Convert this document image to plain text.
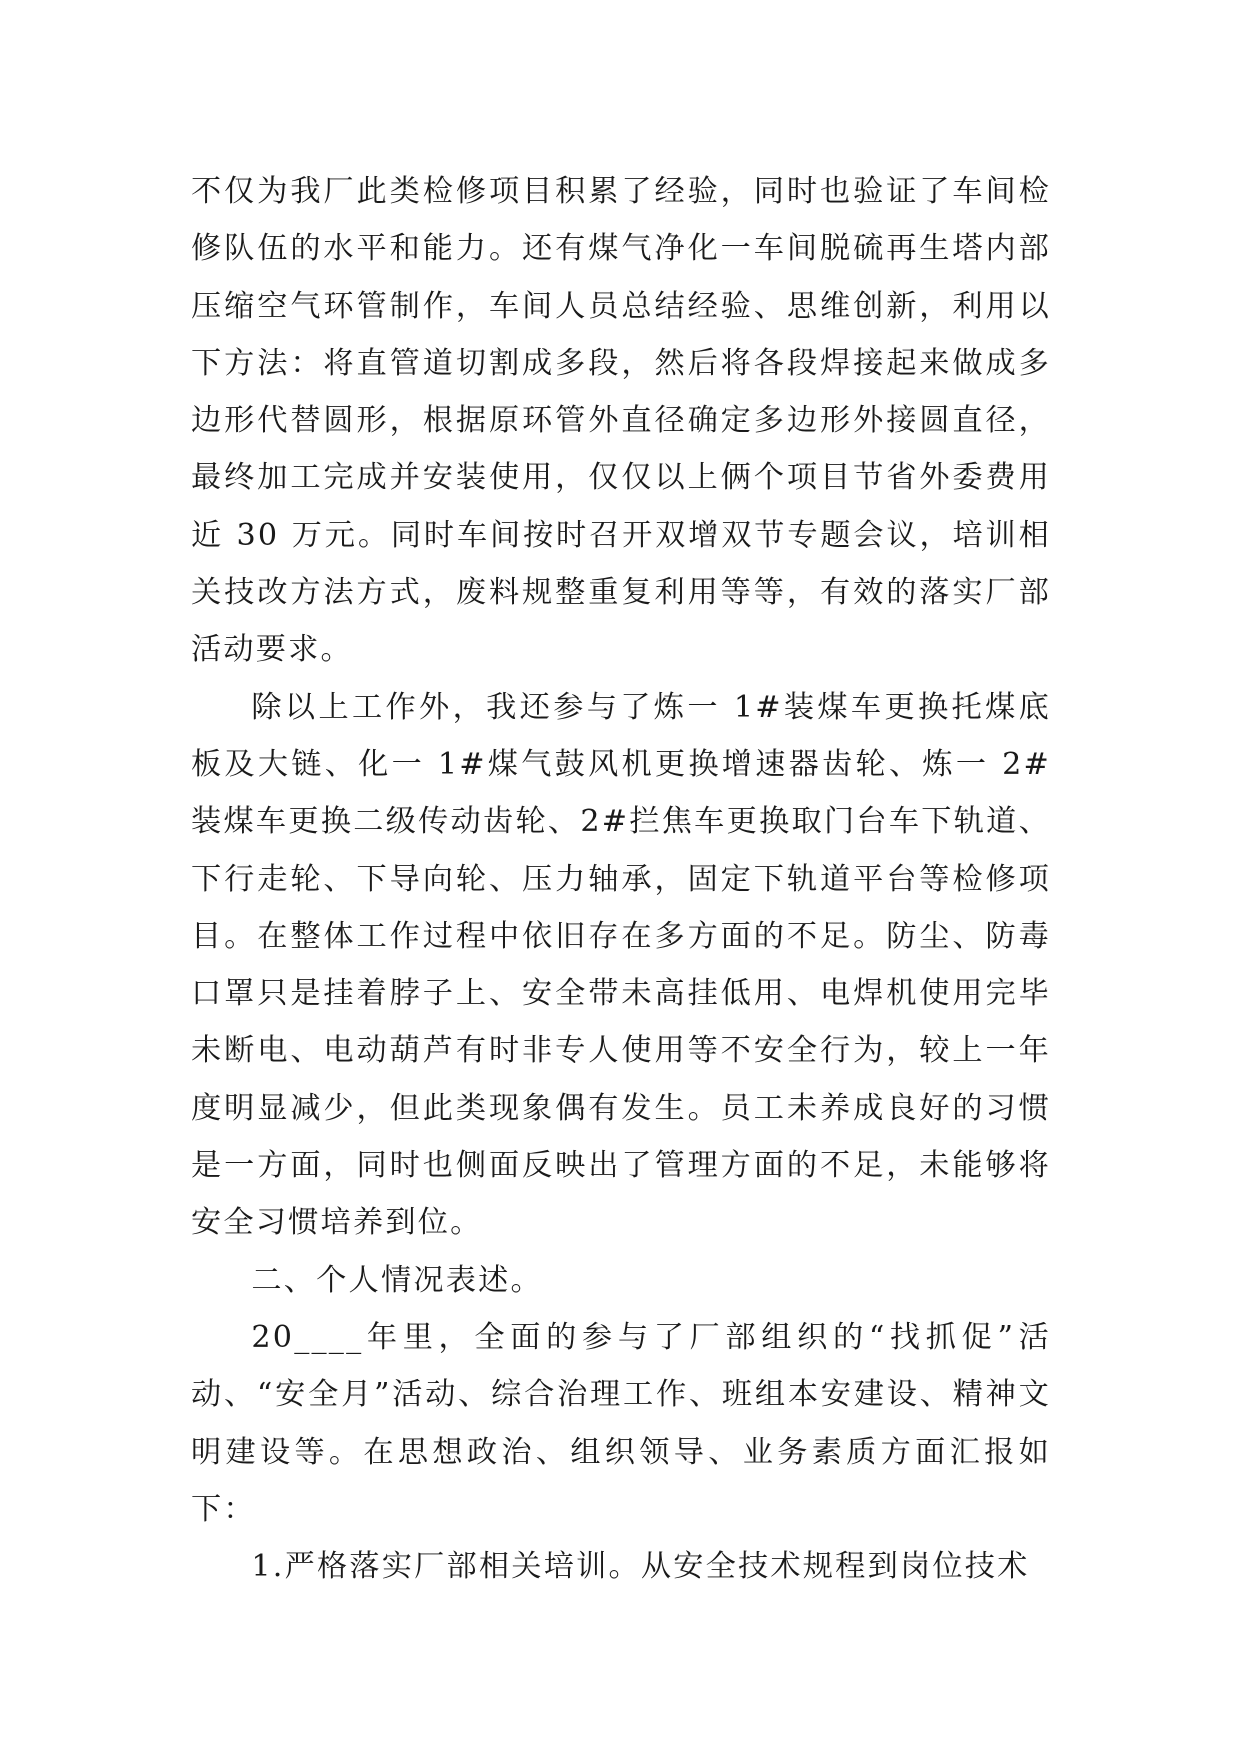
不仅为我厂此类检修项目积累了经验，同时也验证了车间检修队伍的水平和能力。还有煤气净化一车间脱硫再生塔内部压缩空气环管制作，车间人员总结经验、思维创新，利用以下方法：将直管道切割成多段，然后将各段焊接起来做成多边形代替圆形，根据原环管外直径确定多边形外接圆直径，最终加工完成并安装使用，仅仅以上俩个项目节省外委费用近 30 万元。同时车间按时召开双增双节专题会议，培训相关技改方法方式，废料规整重复利用等等，有效的落实厂部活动要求。

除以上工作外，我还参与了炼一 1#装煤车更换托煤底板及大链、化一 1#煤气鼓风机更换增速器齿轮、炼一 2#装煤车更换二级传动齿轮、2#拦焦车更换取门台车下轨道、下行走轮、下导向轮、压力轴承，固定下轨道平台等检修项目。在整体工作过程中依旧存在多方面的不足。防尘、防毒口罩只是挂着脖子上、安全带未高挂低用、电焊机使用完毕未断电、电动葫芦有时非专人使用等不安全行为，较上一年度明显减少，但此类现象偶有发生。员工未养成良好的习惯是一方面，同时也侧面反映出了管理方面的不足，未能够将安全习惯培养到位。

二、个人情况表述。

20____年里，全面的参与了厂部组织的“找抓促”活动、“安全月”活动、综合治理工作、班组本安建设、精神文明建设等。在思想政治、组织领导、业务素质方面汇报如下：

1.严格落实厂部相关培训。从安全技术规程到岗位技术
